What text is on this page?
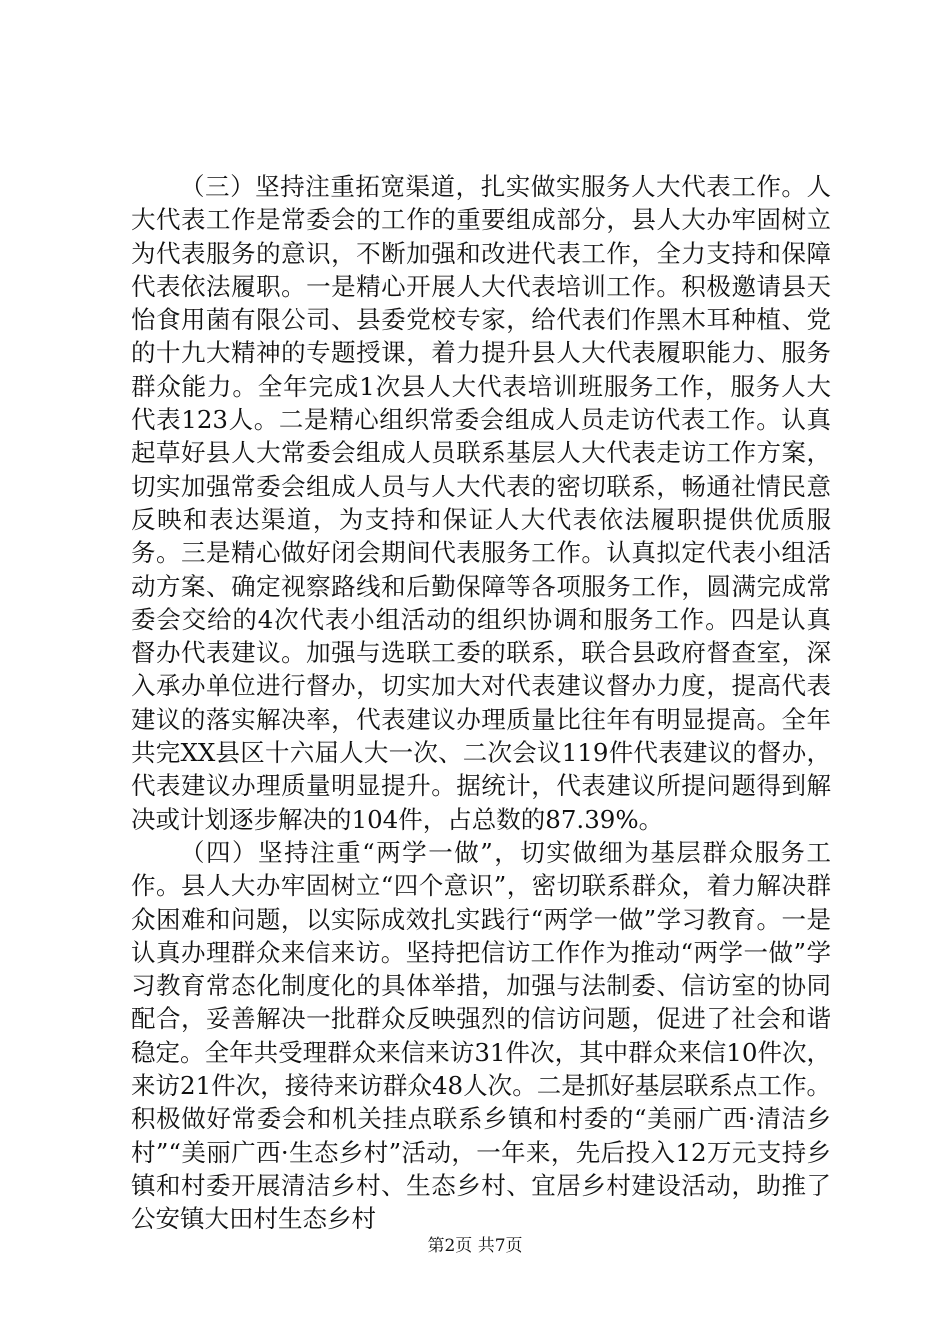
（三）坚持注重拓宽渠道，扎实做实服务人大代表工作。人大代表工作是常委会的工作的重要组成部分，县人大办牢固树立为代表服务的意识，不断加强和改进代表工作，全力支持和保障代表依法履职。一是精心开展人大代表培训工作。积极邀请县天怡食用菌有限公司、县委党校专家，给代表们作黑木耳种植、党的十九大精神的专题授课，着力提升县人大代表履职能力、服务群众能力。全年完成1次县人大代表培训班服务工作，服务人大代表123人。二是精心组织常委会组成人员走访代表工作。认真起草好县人大常委会组成人员联系基层人大代表走访工作方案，切实加强常委会组成人员与人大代表的密切联系，畅通社情民意反映和表达渠道，为支持和保证人大代表依法履职提供优质服务。三是精心做好闭会期间代表服务工作。认真拟定代表小组活动方案、确定视察路线和后勤保障等各项服务工作，圆满完成常委会交给的4次代表小组活动的组织协调和服务工作。四是认真督办代表建议。加强与选联工委的联系，联合县政府督查室，深入承办单位进行督办，切实加大对代表建议督办力度，提高代表建议的落实解决率，代表建议办理质量比往年有明显提高。全年共完XX县区十六届人大一次、二次会议119件代表建议的督办，代表建议办理质量明显提升。据统计，代表建议所提问题得到解决或计划逐步解决的104件，占总数的87.39%。

（四）坚持注重“两学一做”，切实做细为基层群众服务工作。县人大办牢固树立“四个意识”，密切联系群众，着力解决群众困难和问题，以实际成效扎实践行“两学一做”学习教育。一是认真办理群众来信来访。坚持把信访工作作为推动“两学一做”学习教育常态化制度化的具体举措，加强与法制委、信访室的协同配合，妥善解决一批群众反映强烈的信访问题，促进了社会和谐稳定。全年共受理群众来信来访31件次，其中群众来信10件次，来访21件次，接待来访群众48人次。二是抓好基层联系点工作。积极做好常委会和机关挂点联系乡镇和村委的“美丽广西·清洁乡村”“美丽广西·生态乡村”活动，一年来，先后投入12万元支持乡镇和村委开展清洁乡村、生态乡村、宜居乡村建设活动，助推了公安镇大田村生态乡村

第2页 共7页
